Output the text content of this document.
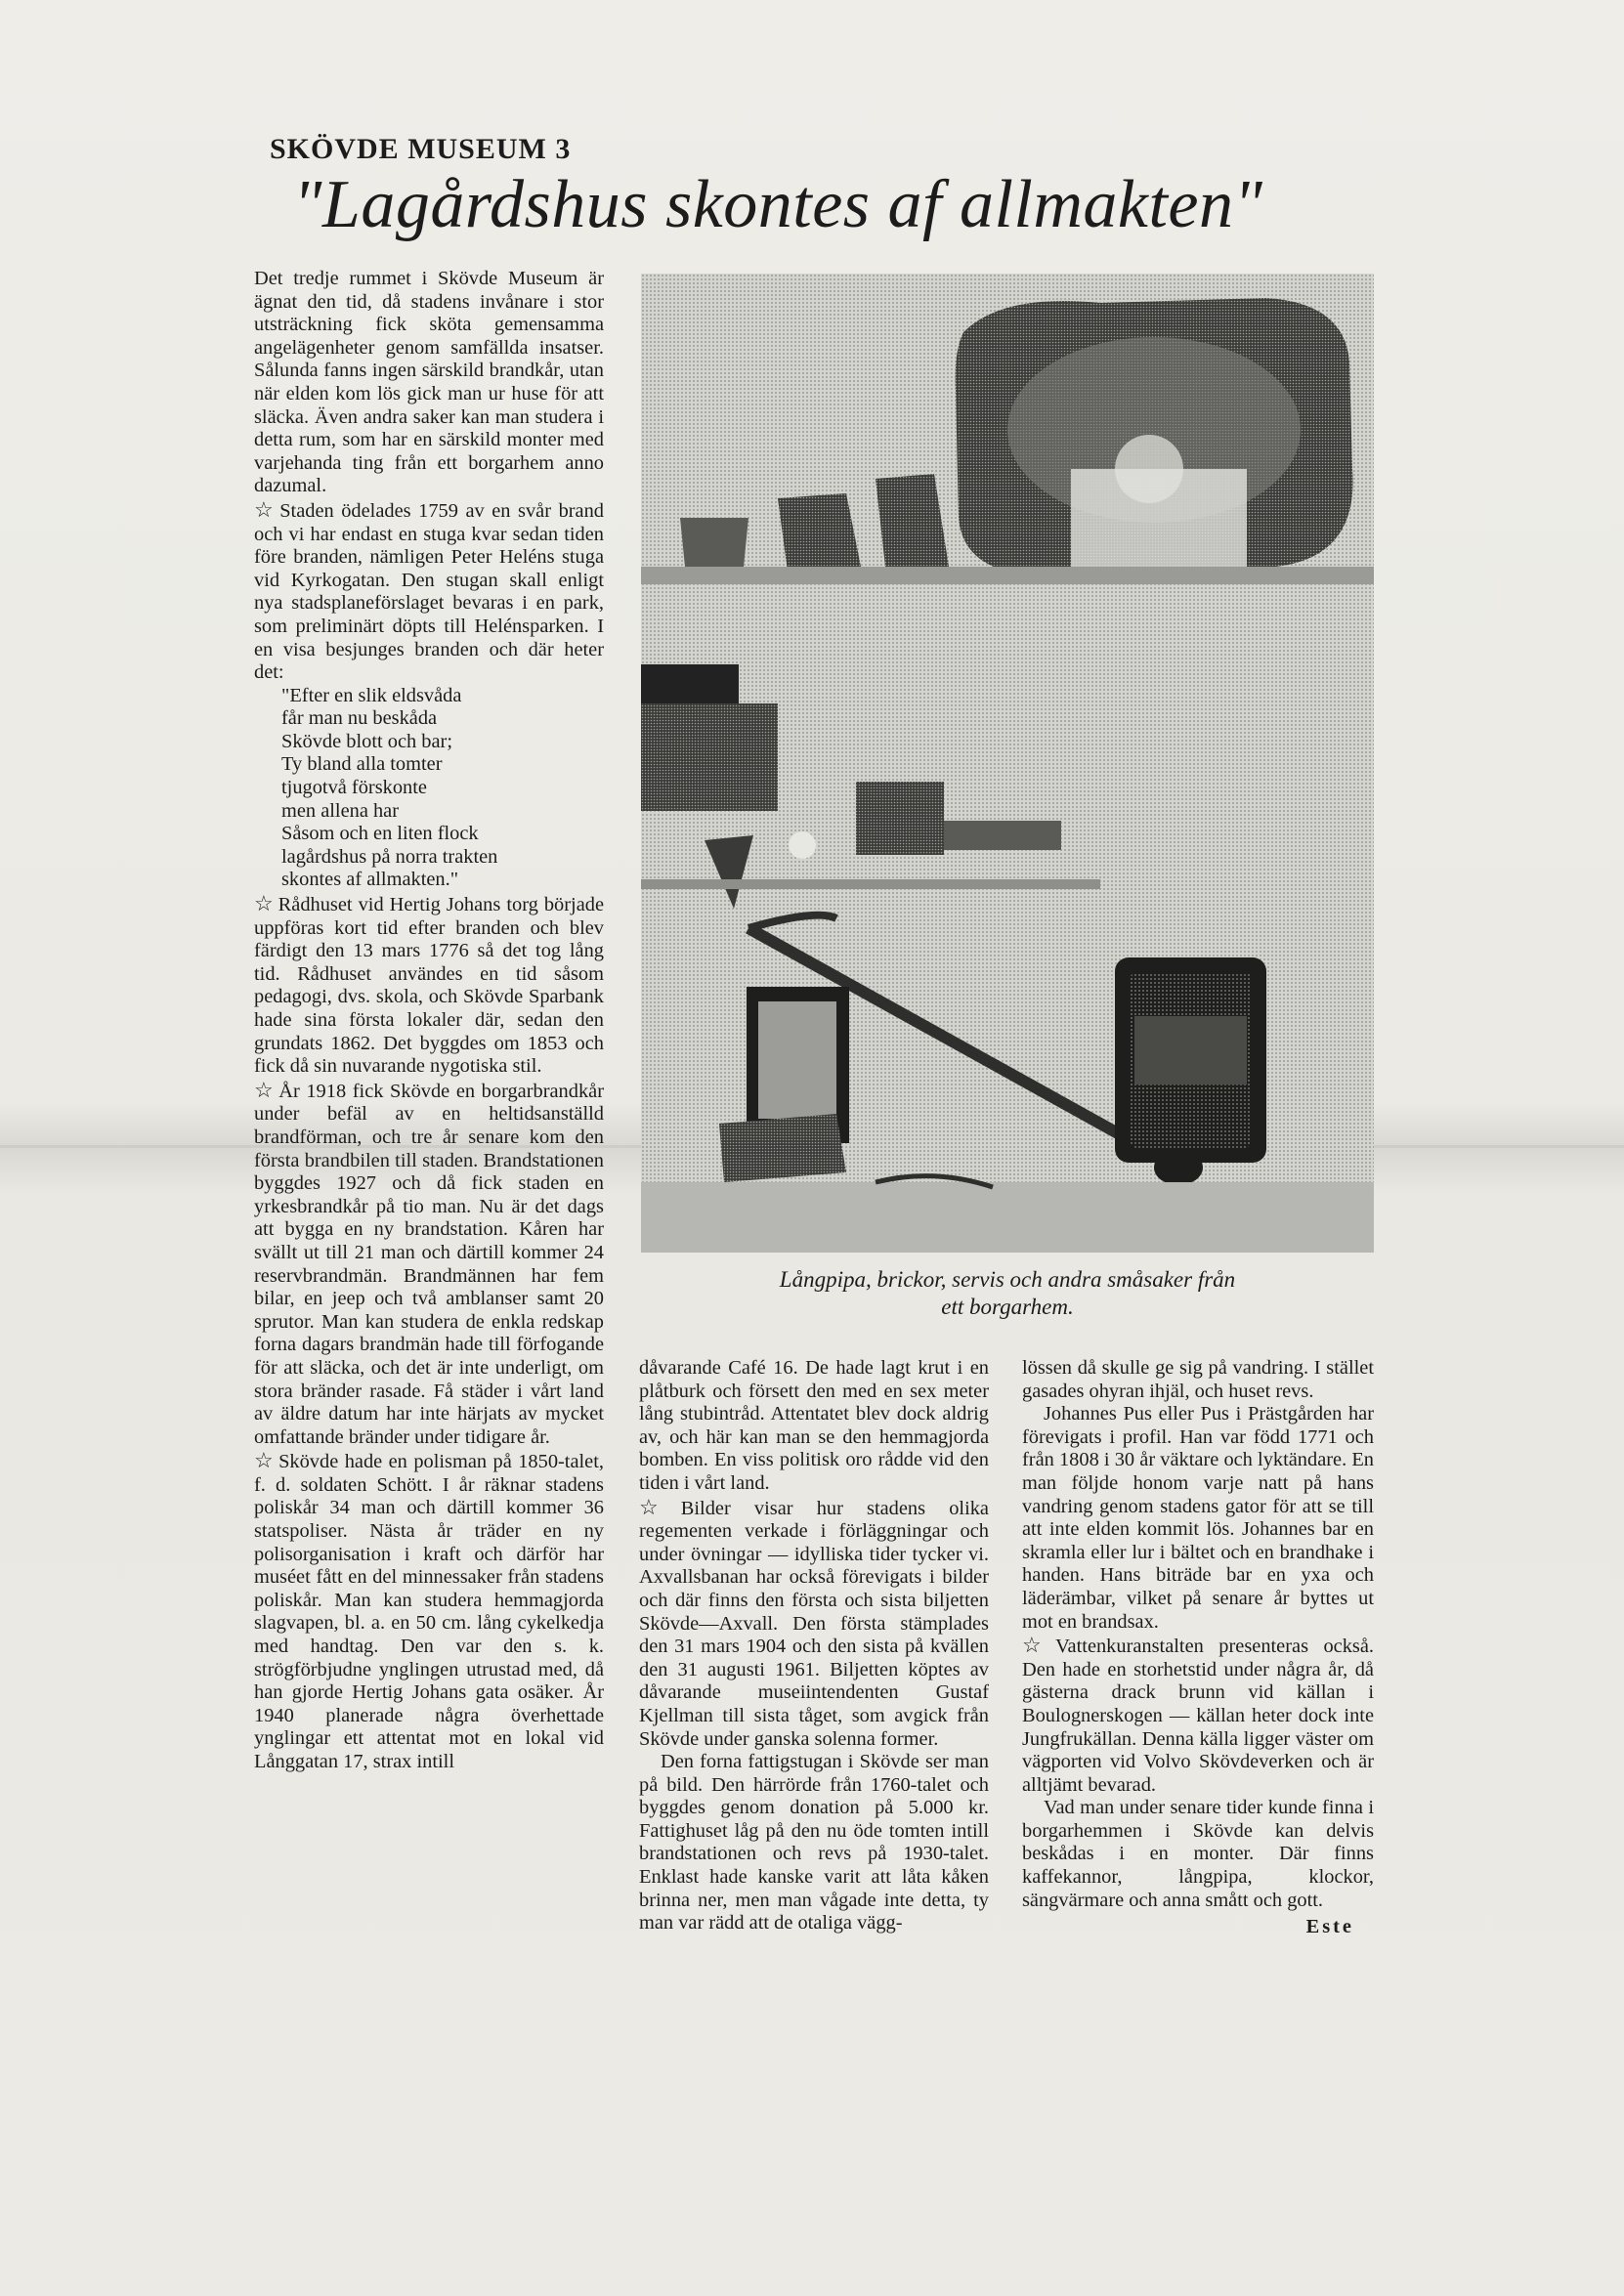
SKÖVDE MUSEUM 3
"Lagårdshus skontes af allmakten"
Långpipa, brickor, servis och andra småsaker från
ett borgarhem.

Det tredje rummet i Skövde Museum är ägnat den tid, då stadens invånare i stor utsträckning fick sköta gemensamma angelägenheter genom samfällda insatser. Sålunda fanns ingen särskild brandkår, utan när elden kom lös gick man ur huse för att släcka. Även andra saker kan man studera i detta rum, som har en särskild monter med varjehanda ting från ett borgarhem anno dazumal.

☆ Staden ödelades 1759 av en svår brand och vi har endast en stuga kvar sedan tiden före branden, nämligen Peter Heléns stuga vid Kyrkogatan. Den stugan skall enligt nya stadsplaneförslaget bevaras i en park, som preliminärt döpts till Helénsparken. I en visa besjunges branden och där heter det:

"Efter en slik eldsvåda
får man nu beskåda
Skövde blott och bar;
Ty bland alla tomter
tjugotvå förskonte
men allena har
Såsom och en liten flock
lagårdshus på norra trakten
skontes af allmakten."

☆ Rådhuset vid Hertig Johans torg började uppföras kort tid efter branden och blev färdigt den 13 mars 1776 så det tog lång tid. Rådhuset användes en tid såsom pedagogi, dvs. skola, och Skövde Sparbank hade sina första lokaler där, sedan den grundats 1862. Det byggdes om 1853 och fick då sin nuvarande nygotiska stil.

☆ År 1918 fick Skövde en borgarbrandkår under befäl av en heltidsanställd brandförman, och tre år senare kom den första brandbilen till staden. Brandstationen byggdes 1927 och då fick staden en yrkesbrandkår på tio man. Nu är det dags att bygga en ny brandstation. Kåren har svällt ut till 21 man och därtill kommer 24 reservbrandmän. Brandmännen har fem bilar, en jeep och två amblanser samt 20 sprutor. Man kan studera de enkla redskap forna dagars brandmän hade till förfogande för att släcka, och det är inte underligt, om stora bränder rasade. Få städer i vårt land av äldre datum har inte härjats av mycket omfattande bränder under tidigare år.

☆ Skövde hade en polisman på 1850-talet, f. d. soldaten Schött. I år räknar stadens poliskår 34 man och därtill kommer 36 statspoliser. Nästa år träder en ny polisorganisation i kraft och därför har muséet fått en del minnessaker från stadens poliskår. Man kan studera hemmagjorda slagvapen, bl. a. en 50 cm. lång cykelkedja med handtag. Den var den s. k. strögförbjudne ynglingen utrustad med, då han gjorde Hertig Johans gata osäker. År 1940 planerade några överhettade ynglingar ett attentat mot en lokal vid Långgatan 17, strax intill

dåvarande Café 16. De hade lagt krut i en plåtburk och försett den med en sex meter lång stubintråd. Attentatet blev dock aldrig av, och här kan man se den hemmagjorda bomben. En viss politisk oro rådde vid den tiden i vårt land.

☆ Bilder visar hur stadens olika regementen verkade i förläggningar och under övningar — idylliska tider tycker vi. Axvallsbanan har också förevigats i bilder och där finns den första och sista biljetten Skövde—Axvall. Den första stämplades den 31 mars 1904 och den sista på kvällen den 31 augusti 1961. Biljetten köptes av dåvarande museiintendenten Gustaf Kjellman till sista tåget, som avgick från Skövde under ganska solenna former.

Den forna fattigstugan i Skövde ser man på bild. Den härrörde från 1760-talet och byggdes genom donation på 5.000 kr. Fattighuset låg på den nu öde tomten intill brandstationen och revs på 1930-talet. Enklast hade kanske varit att låta kåken brinna ner, men man vågade inte detta, ty man var rädd att de otaliga vägg-

lössen då skulle ge sig på vandring. I stället gasades ohyran ihjäl, och huset revs.

Johannes Pus eller Pus i Prästgården har förevigats i profil. Han var född 1771 och från 1808 i 30 år väktare och lyktändare. En man följde honom varje natt på hans vandring genom stadens gator för att se till att inte elden kommit lös. Johannes bar en skramla eller lur i bältet och en brandhake i handen. Hans biträde bar en yxa och läderämbar, vilket på senare år byttes ut mot en brandsax.

☆ Vattenkuranstalten presenteras också. Den hade en storhetstid under några år, då gästerna drack brunn vid källan i Boulognerskogen — källan heter dock inte Jungfrukällan. Denna källa ligger väster om vägporten vid Volvo Skövdeverken och är alltjämt bevarad.

Vad man under senare tider kunde finna i borgarhemmen i Skövde kan delvis beskådas i en monter. Där finns kaffekannor, långpipa, klockor, sängvärmare och anna smått och gott.

Este
